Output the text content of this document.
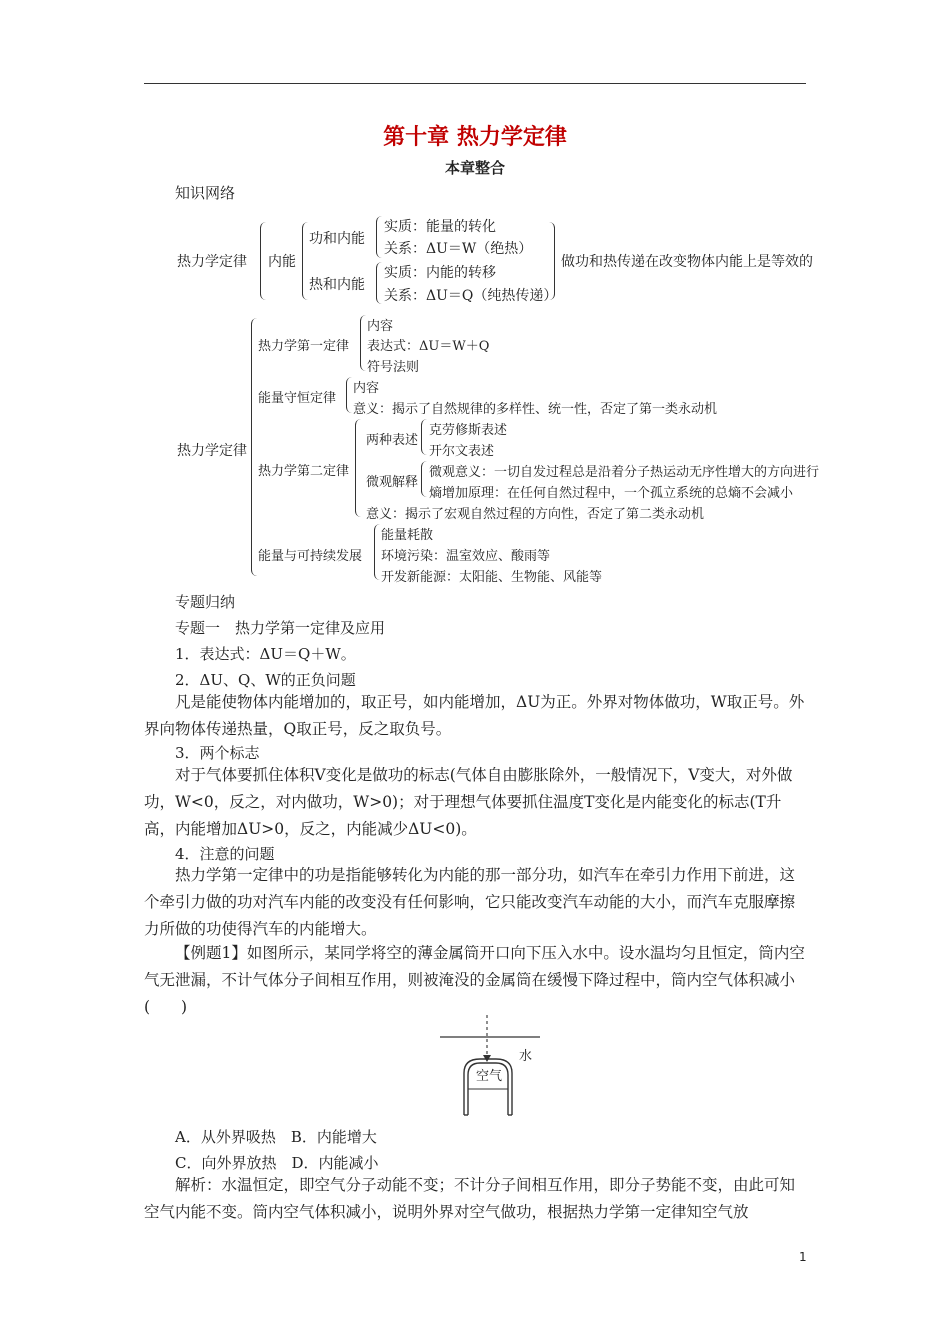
第十章 热力学定律
本章整合
知识网络
热力学定律 内能
功和内能
热和内能
实质：能量的转化
关系：ΔU＝W（绝热）
实质：内能的转移
关系：ΔU＝Q（纯热传递）
做功和热传递在改变物体内能上是等效的
热力学定律
热力学第一定律
内容
表达式：ΔU＝W＋Q
符号法则
能量守恒定律
内容
意义：揭示了自然规律的多样性、统一性，否定了第一类永动机
热力学第二定律
两种表述
克劳修斯表述
开尔文表述
微观解释
微观意义：一切自发过程总是沿着分子热运动无序性增大的方向进行
熵增加原理：在任何自然过程中，一个孤立系统的总熵不会减小
意义：揭示了宏观自然过程的方向性，否定了第二类永动机
能量与可持续发展
能量耗散
环境污染：温室效应、酸雨等
开发新能源：太阳能、生物能、风能等
专题归纳
专题一　热力学第一定律及应用
1．表达式：ΔU＝Q＋W。
2．ΔU、Q、W的正负问题
凡是能使物体内能增加的，取正号，如内能增加，ΔU为正。外界对物体做功，W取正号。外界向物体传递热量，Q取正号，反之取负号。
3．两个标志
对于气体要抓住体积V变化是做功的标志(气体自由膨胀除外，一般情况下，V变大，对外做功，W<0，反之，对内做功，W>0)；对于理想气体要抓住温度T变化是内能变化的标志(T升高，内能增加ΔU>0，反之，内能减少ΔU<0)。
4．注意的问题
热力学第一定律中的功是指能够转化为内能的那一部分功，如汽车在牵引力作用下前进，这个牵引力做的功对汽车内能的改变没有任何影响，它只能改变汽车动能的大小，而汽车克服摩擦力所做的功使得汽车的内能增大。
【例题1】如图所示，某同学将空的薄金属筒开口向下压入水中。设水温均匀且恒定，筒内空气无泄漏，不计气体分子间相互作用，则被淹没的金属筒在缓慢下降过程中，筒内空气体积减小(　　)
水
空气
A．从外界吸热　B．内能增大
C．向外界放热　D．内能减小
解析：水温恒定，即空气分子动能不变；不计分子间相互作用，即分子势能不变，由此可知空气内能不变。筒内空气体积减小，说明外界对空气做功，根据热力学第一定律知空气放
1
